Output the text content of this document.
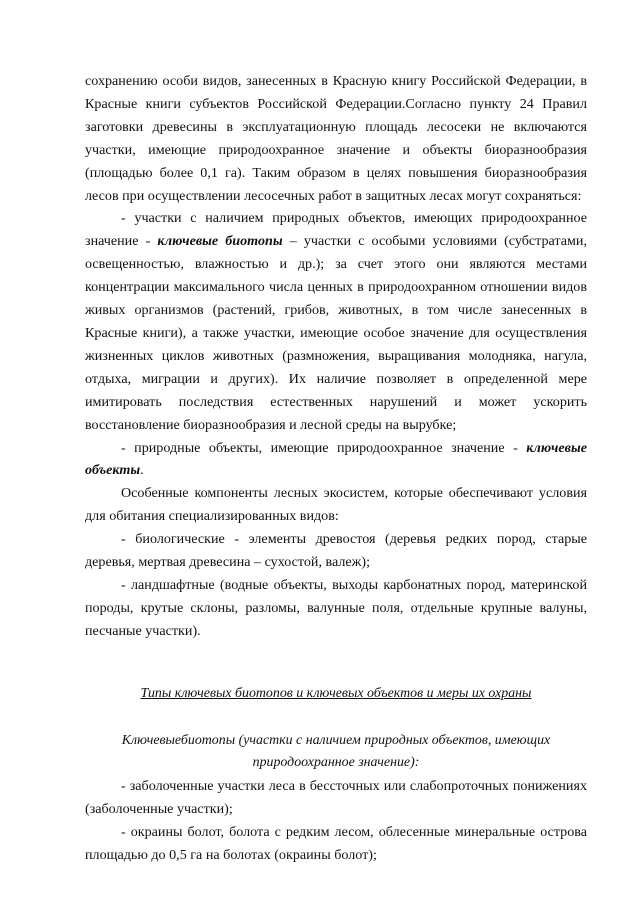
сохранению особи видов, занесенных в Красную книгу Российской Федерации, в Красные книги субъектов Российской Федерации.Согласно пункту 24 Правил заготовки древесины в эксплуатационную площадь лесосеки не включаются участки, имеющие природоохранное значение и объекты биоразнообразия (площадью более 0,1 га). Таким образом в целях повышения биоразнообразия лесов при осуществлении лесосечных работ в защитных лесах могут сохраняться:

- участки с наличием природных объектов, имеющих природоохранное значение - ключевые биотопы – участки с особыми условиями (субстратами, освещенностью, влажностью и др.); за счет этого они являются местами концентрации максимального числа ценных в природоохранном отношении видов живых организмов (растений, грибов, животных, в том числе занесенных в Красные книги), а также участки, имеющие особое значение для осуществления жизненных циклов животных (размножения, выращивания молодняка, нагула, отдыха, миграции и других). Их наличие позволяет в определенной мере имитировать последствия естественных нарушений и может ускорить восстановление биоразнообразия и лесной среды на вырубке;

- природные объекты, имеющие природоохранное значение - ключевые объекты.

Особенные компоненты лесных экосистем, которые обеспечивают условия для обитания специализированных видов:

- биологические - элементы древостоя (деревья редких пород, старые деревья, мертвая древесина – сухостой, валеж);

- ландшафтные (водные объекты, выходы карбонатных пород, материнской породы, крутые склоны, разломы, валунные поля, отдельные крупные валуны, песчаные участки).

Типы ключевых биотопов и ключевых объектов и меры их охраны

Ключевыебиотопы (участки с наличием природных объектов, имеющих природоохранное значение):

- заболоченные участки леса в бессточных или слабопроточных понижениях (заболоченные участки);

- окраины болот, болота с редким лесом, облесенные минеральные острова площадью до 0,5 га на болотах (окраины болот);
